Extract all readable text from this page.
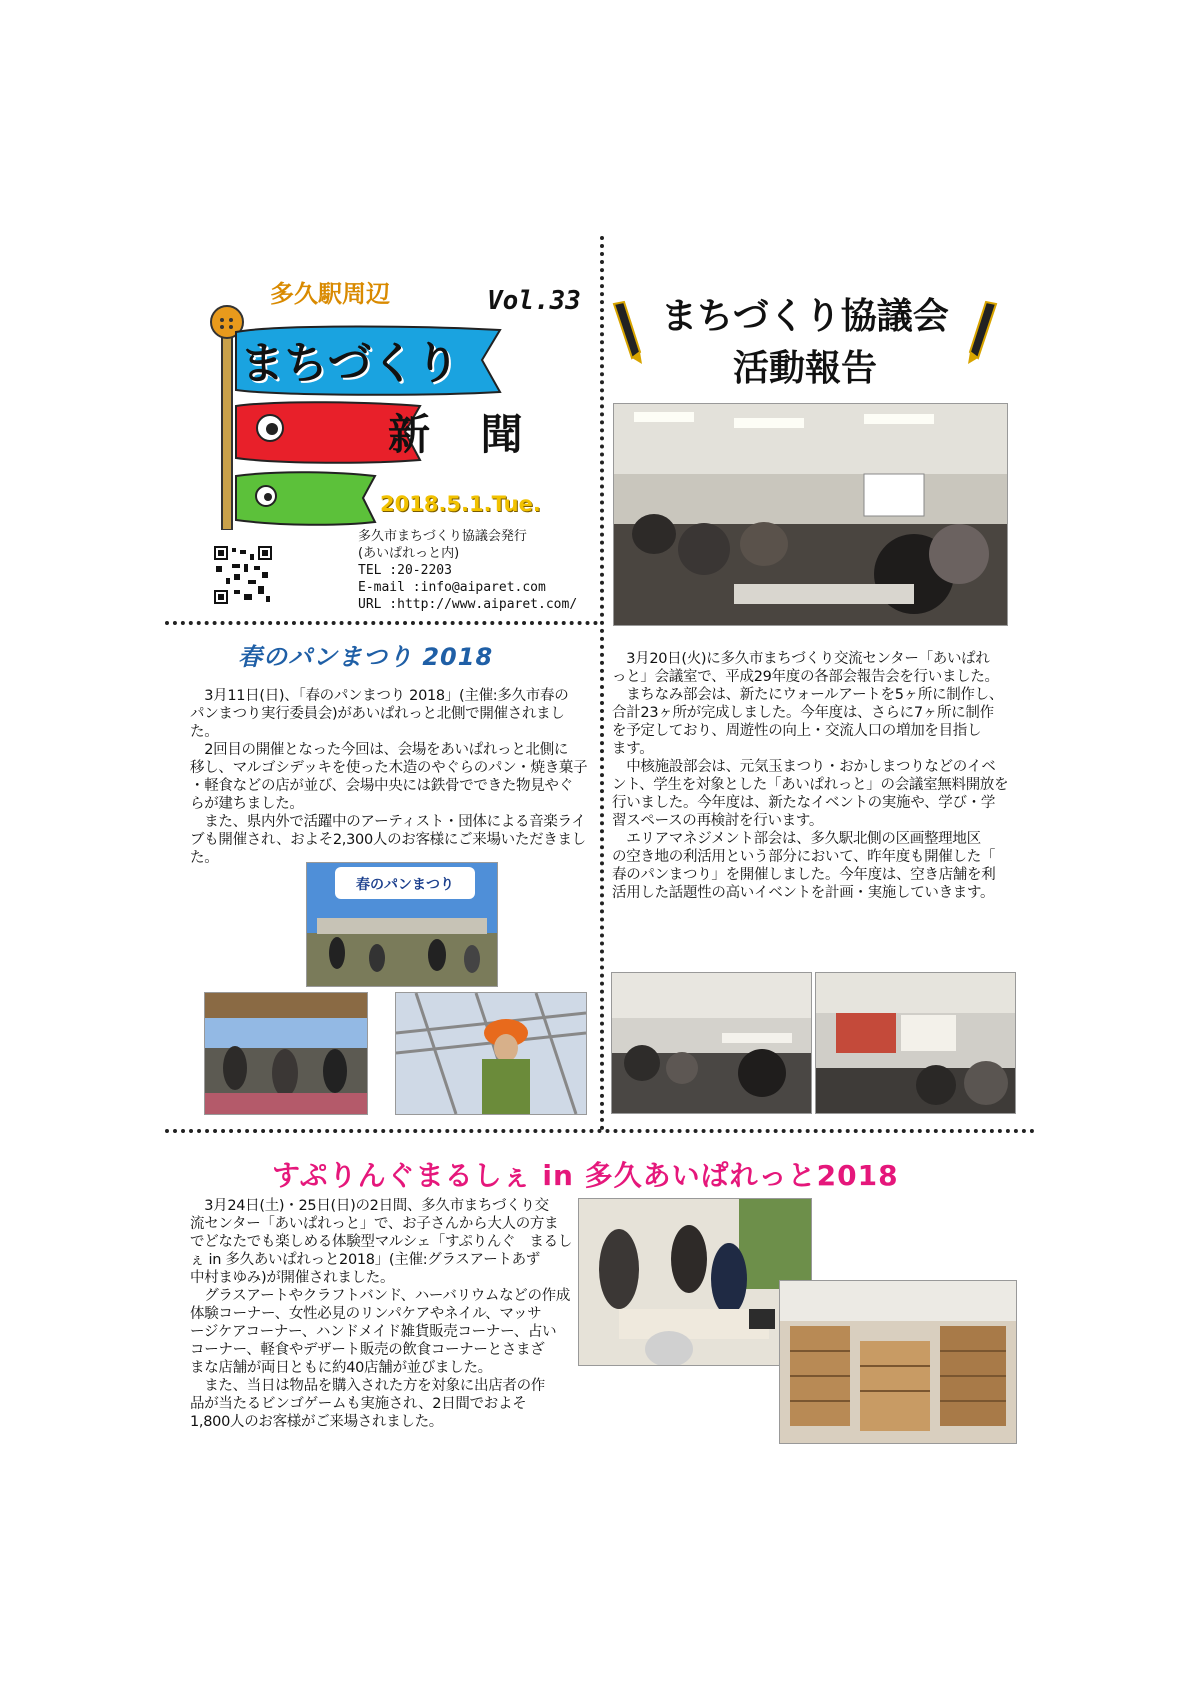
多久駅周辺	Vol.33
まちづくり
新 聞
2018.5.1.Tue.
多久市まちづくり協議会発行
(あいぱれっと内)
TEL :20-2203
E-mail :info@aiparet.com
URL :http://www.aiparet.com/
まちづくり協議会
活動報告
　3月20日(火)に多久市まちづくり交流センター「あいぱれ
っと」会議室で、平成29年度の各部会報告会を行いました。
　まちなみ部会は、新たにウォールアートを5ヶ所に制作し、
合計23ヶ所が完成しました。今年度は、さらに7ヶ所に制作
を予定しており、周遊性の向上・交流人口の増加を目指し
ます。
　中核施設部会は、元気玉まつり・おかしまつりなどのイベ
ント、学生を対象とした「あいぱれっと」の会議室無料開放を
行いました。今年度は、新たなイベントの実施や、学び・学
習スペースの再検討を行います。
　エリアマネジメント部会は、多久駅北側の区画整理地区
の空き地の利活用という部分において、昨年度も開催した「
春のパンまつり」を開催しました。今年度は、空き店舗を利
活用した話題性の高いイベントを計画・実施していきます。
春のパンまつり 2018
　3月11日(日)、「春のパンまつり 2018」(主催:多久市春の
パンまつり実行委員会)があいぱれっと北側で開催されまし
た。
　2回目の開催となった今回は、会場をあいぱれっと北側に
移し、マルゴシデッキを使った木造のやぐらのパン・焼き菓子
・軽食などの店が並び、会場中央には鉄骨でできた物見やぐ
らが建ちました。
　また、県内外で活躍中のアーティスト・団体による音楽ライ
ブも開催され、およそ2,300人のお客様にご来場いただきまし
た。
春のパンまつり
すぷりんぐまるしぇ in 多久あいぱれっと2018
　3月24日(土)・25日(日)の2日間、多久市まちづくり交
流センター「あいぱれっと」で、お子さんから大人の方ま
でどなたでも楽しめる体験型マルシェ「すぷりんぐ　まるし
ぇ in 多久あいぱれっと2018」(主催:グラスアートあず
中村まゆみ)が開催されました。
　グラスアートやクラフトバンド、ハーバリウムなどの作成
体験コーナー、女性必見のリンパケアやネイル、マッサ
ージケアコーナー、ハンドメイド雑貨販売コーナー、占い
コーナー、軽食やデザート販売の飲食コーナーとさまざ
まな店舗が両日ともに約40店舗が並びました。
　また、当日は物品を購入された方を対象に出店者の作
品が当たるビンゴゲームも実施され、2日間でおよそ
1,800人のお客様がご来場されました。
